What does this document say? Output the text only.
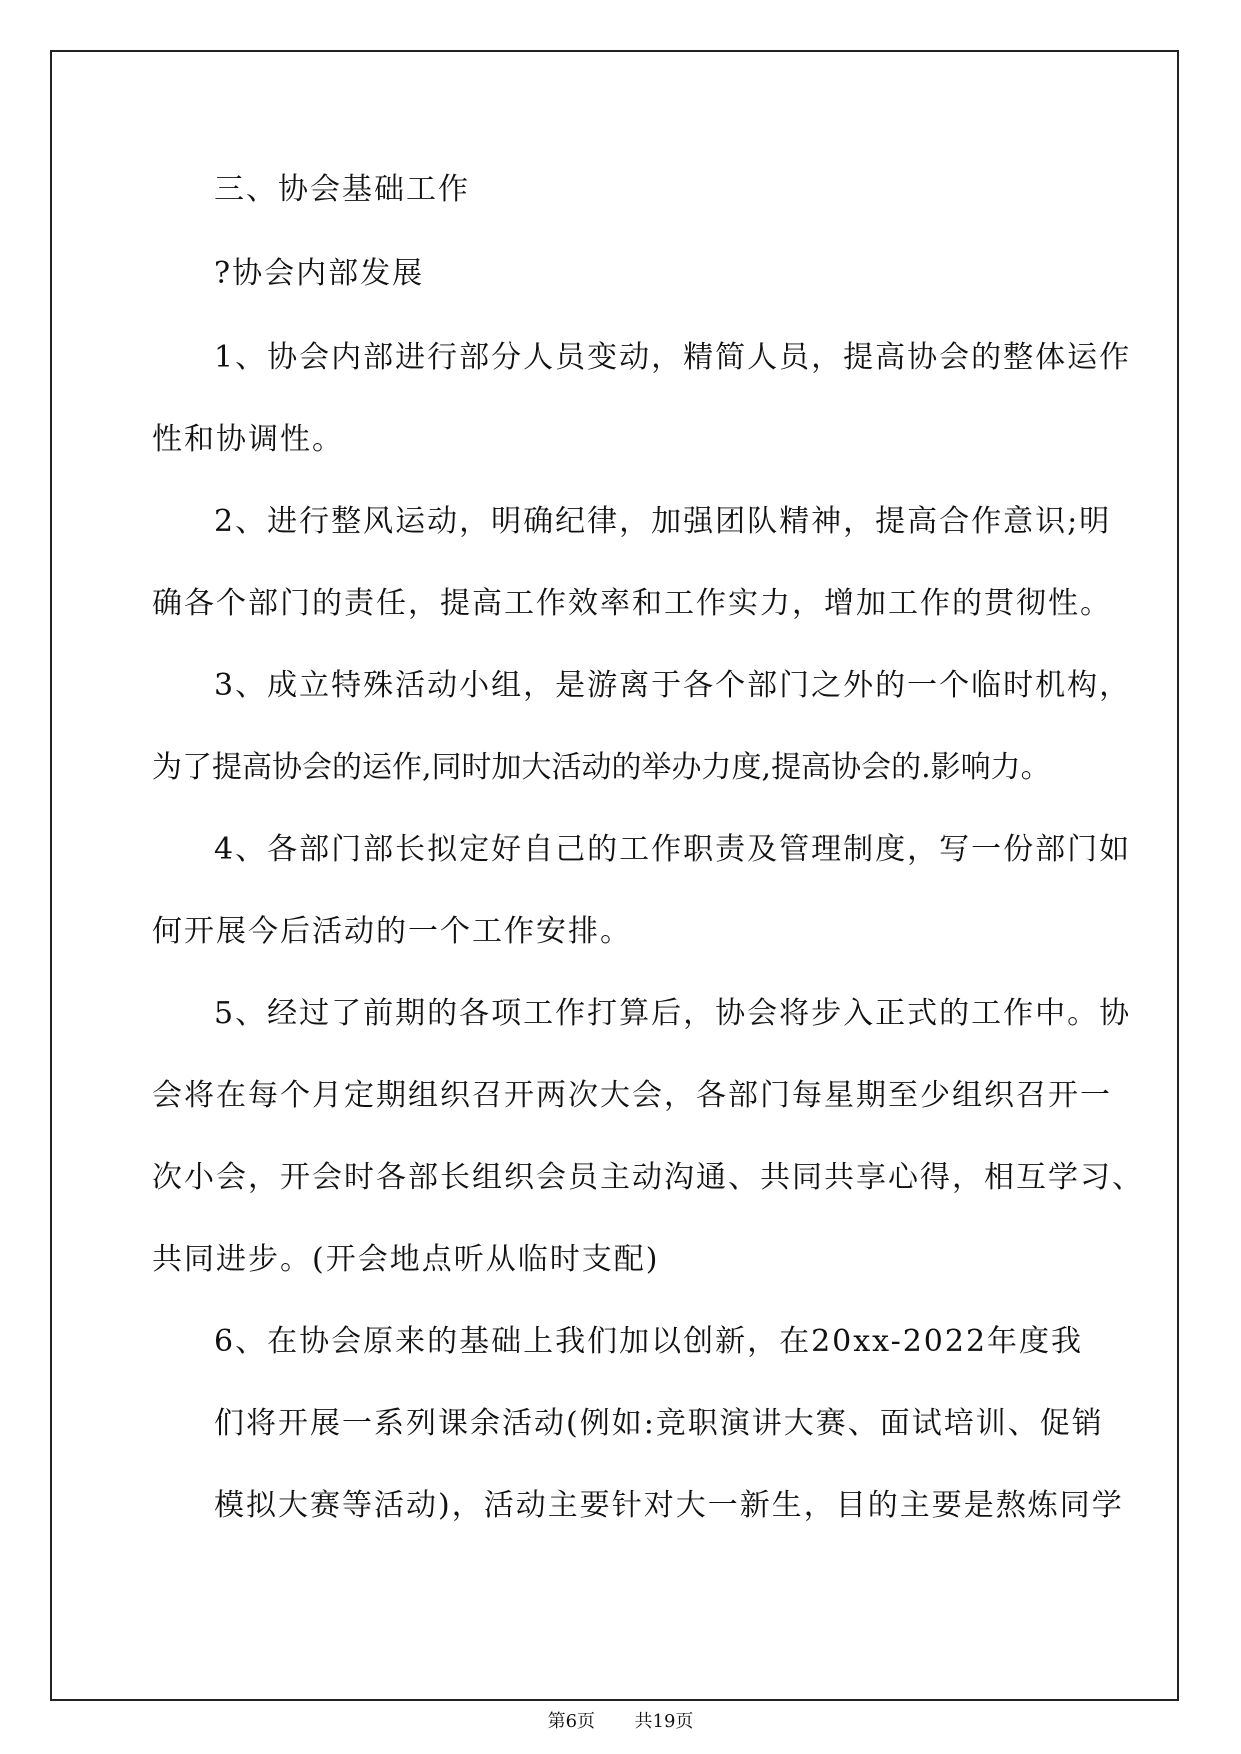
三、协会基础工作
?协会内部发展
1、协会内部进行部分人员变动，精简人员，提高协会的整体运作
性和协调性。
2、进行整风运动，明确纪律，加强团队精神，提高合作意识;明
确各个部门的责任，提高工作效率和工作实力，增加工作的贯彻性。
3、成立特殊活动小组，是游离于各个部门之外的一个临时机构，
为了提高协会的运作,同时加大活动的举办力度,提高协会的.影响力。
4、各部门部长拟定好自己的工作职责及管理制度，写一份部门如
何开展今后活动的一个工作安排。
5、经过了前期的各项工作打算后，协会将步入正式的工作中。协
会将在每个月定期组织召开两次大会，各部门每星期至少组织召开一
次小会，开会时各部长组织会员主动沟通、共同共享心得，相互学习、
共同进步。(开会地点听从临时支配)
6、在协会原来的基础上我们加以创新，在20xx-2022年度我
们将开展一系列课余活动(例如:竞职演讲大赛、面试培训、促销
模拟大赛等活动)，活动主要针对大一新生，目的主要是熬炼同学
第6页 共19页
